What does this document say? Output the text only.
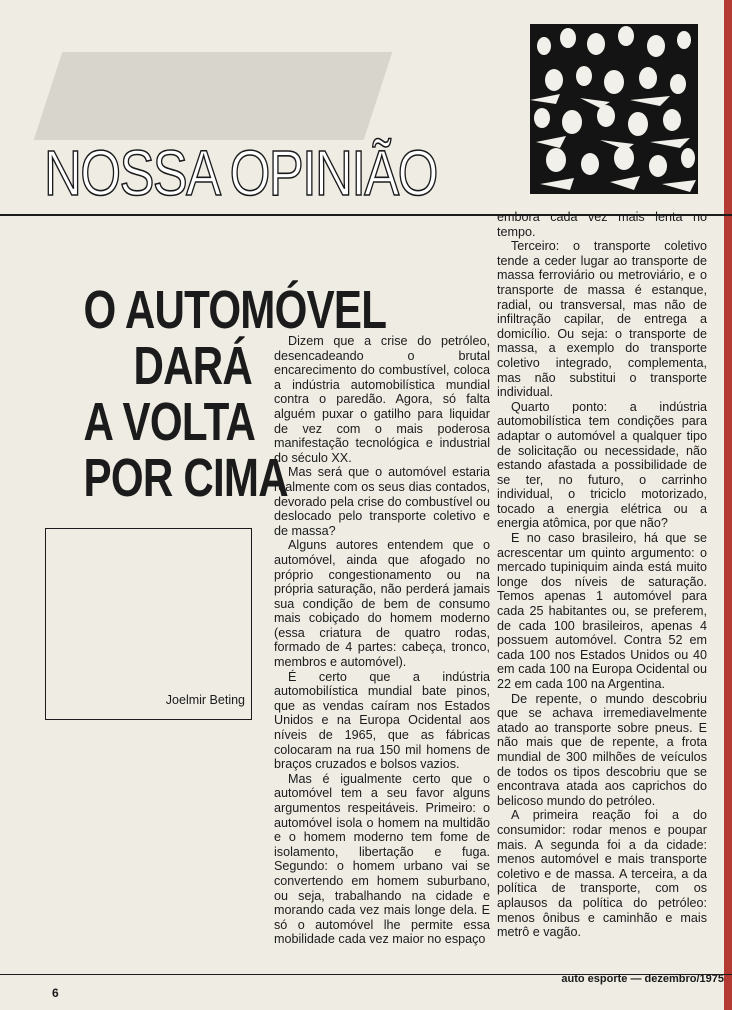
NOSSA OPINIÃO
O AUTOMÓVEL
DARÁ
A VOLTA
POR CIMA
Joelmir Beting

Dizem que a crise do petróleo, desencadeando o brutal encarecimento do combustível, coloca a indústria automobilística mundial contra o paredão. Agora, só falta alguém puxar o gatilho para liquidar de vez com o mais poderosa manifestação tecnológica e industrial do século XX.

Mas será que o automóvel estaria realmente com os seus dias contados, devorado pela crise do combustível ou deslocado pelo transporte coletivo e de massa?

Alguns autores entendem que o automóvel, ainda que afogado no próprio congestionamento ou na própria saturação, não perderá jamais sua condição de bem de consumo mais cobiçado do homem moderno (essa criatura de quatro rodas, formado de 4 partes: cabeça, tronco, membros e automóvel).

É certo que a indústria automobilística mundial bate pinos, que as vendas caíram nos Estados Unidos e na Europa Ocidental aos níveis de 1965, que as fábricas colocaram na rua 150 mil homens de braços cruzados e bolsos vazios.

Mas é igualmente certo que o automóvel tem a seu favor alguns argumentos respeitáveis. Primeiro: o automóvel isola o homem na multidão e o homem moderno tem fome de isolamento, libertação e fuga. Segundo: o homem urbano vai se convertendo em homem suburbano, ou seja, trabalhando na cidade e morando cada vez mais longe dela. E só o automóvel lhe permite essa mobilidade cada vez maior no espaço

embora cada vez mais lenta no tempo.

Terceiro: o transporte coletivo tende a ceder lugar ao transporte de massa ferroviário ou metroviário, e o transporte de massa é estanque, radial, ou transversal, mas não de infiltração capilar, de entrega a domicílio. Ou seja: o transporte de massa, a exemplo do transporte coletivo integrado, complementa, mas não substitui o transporte individual.

Quarto ponto: a indústria automobilística tem condições para adaptar o automóvel a qualquer tipo de solicitação ou necessidade, não estando afastada a possibilidade de se ter, no futuro, o carrinho individual, o triciclo motorizado, tocado a energia elétrica ou a energia atômica, por que não?

E no caso brasileiro, há que se acrescentar um quinto argumento: o mercado tupiniquim ainda está muito longe dos níveis de saturação. Temos apenas 1 automóvel para cada 25 habitantes ou, se preferem, de cada 100 brasileiros, apenas 4 possuem automóvel. Contra 52 em cada 100 nos Estados Unidos ou 40 em cada 100 na Europa Ocidental ou 22 em cada 100 na Argentina.

De repente, o mundo descobriu que se achava irremediavelmente atado ao transporte sobre pneus. E não mais que de repente, a frota mundial de 300 milhões de veículos de todos os tipos descobriu que se encontrava atada aos caprichos do belicoso mundo do petróleo.

A primeira reação foi a do consumidor: rodar menos e poupar mais. A segunda foi a da cidade: menos automóvel e mais transporte coletivo e de massa. A terceira, a da política de transporte, com os aplausos da política do petróleo: menos ônibus e caminhão e mais metrô e vagão.

6
auto esporte — dezembro/1975
